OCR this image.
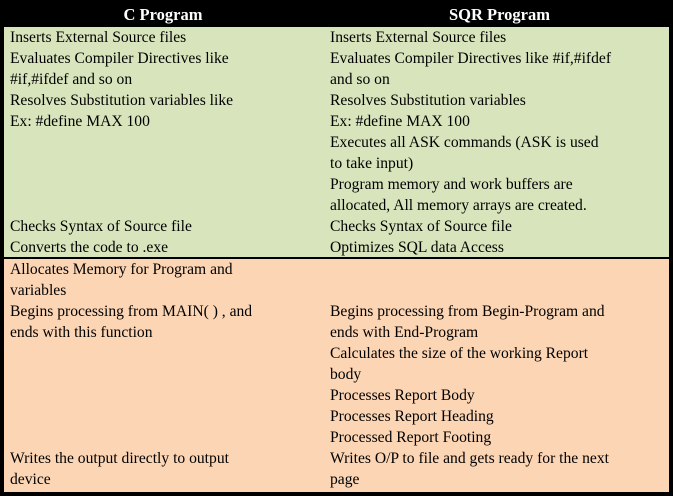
C Program	SQR Program
Inserts External Source files
Evaluates Compiler Directives like
#if,#ifdef and so on
Resolves Substitution variables like
Ex: #define MAX 100
Checks Syntax of Source file
Converts the code to .exe
Inserts External Source files
Evaluates Compiler Directives like #if,#ifdef
and so on
Resolves Substitution variables
Ex: #define MAX 100
Executes all ASK commands (ASK is used
to take input)
Program memory and work buffers are
allocated, All memory arrays are created.
Checks Syntax of Source file
Optimizes SQL data Access
Allocates Memory for Program and
variables
Begins processing from MAIN( ) , and
ends with this function
Writes the output directly to output
device
Begins processing from Begin-Program and
ends with End-Program
Calculates the size of the working Report
body
Processes Report Body
Processes Report Heading
Processed Report Footing
Writes O/P to file and gets ready for the next
page
